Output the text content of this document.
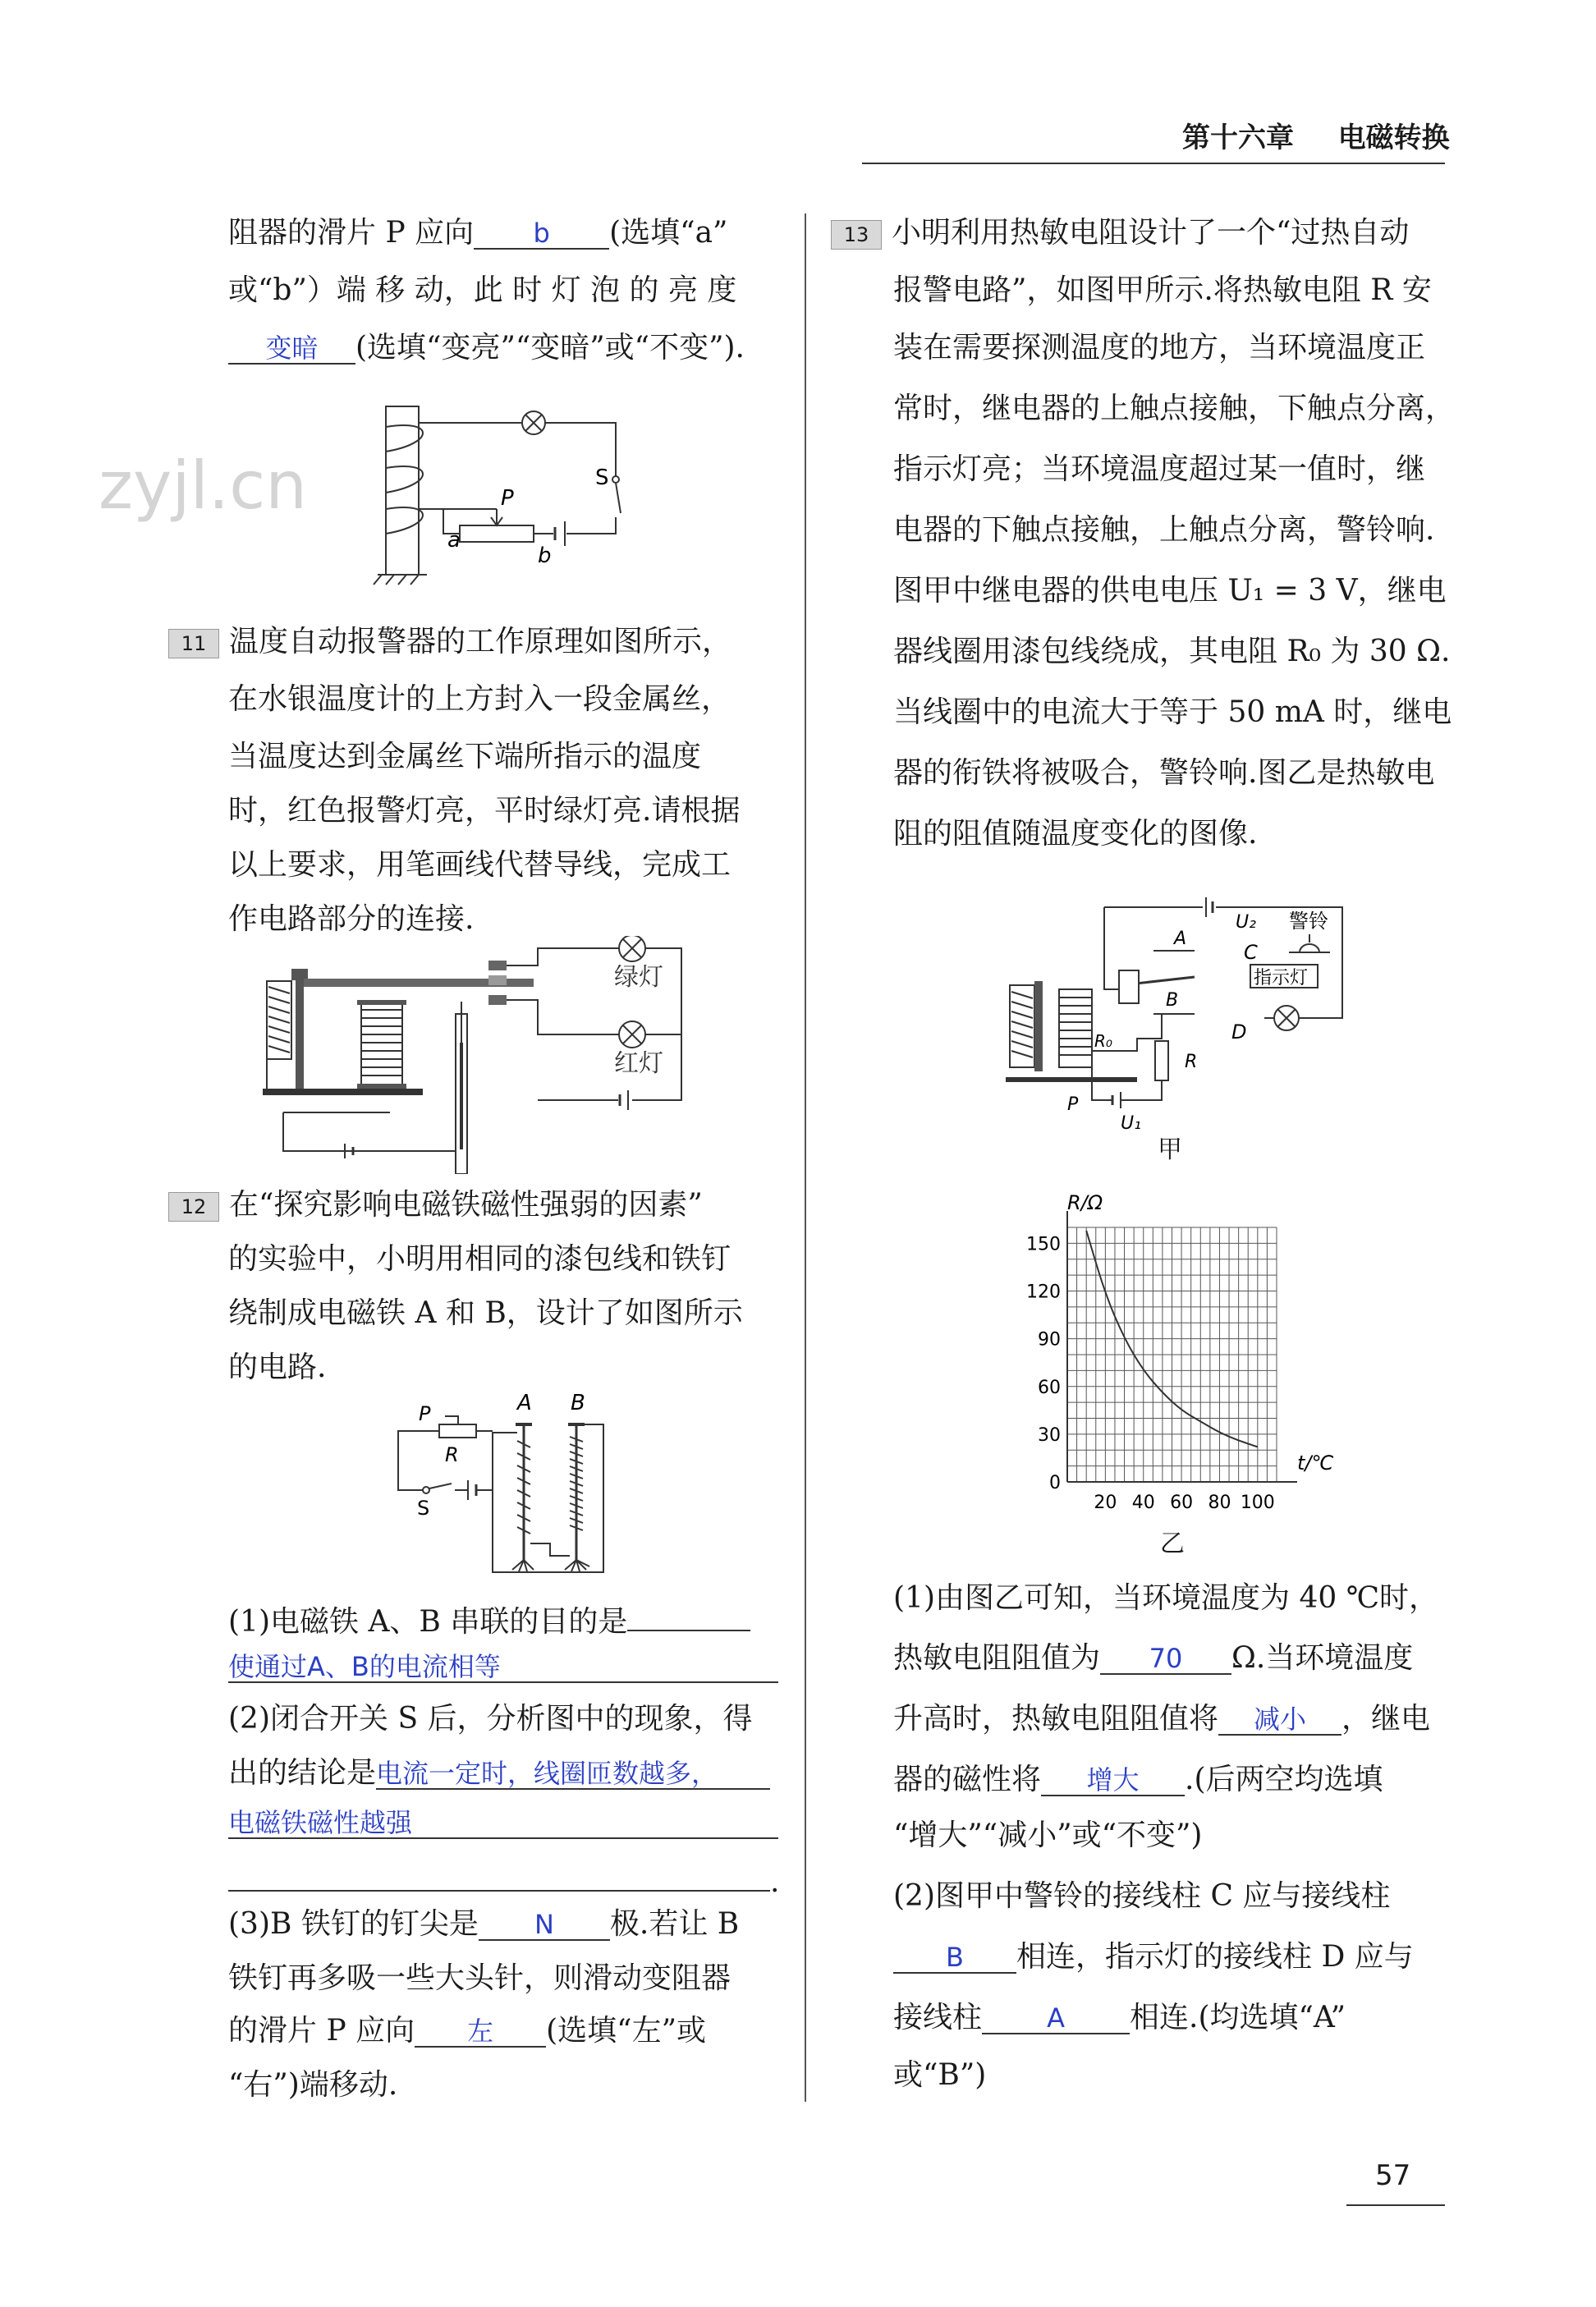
第十六章 电磁转换
zyjl.cn
阻器的滑片 P 应向 b (选填“a”
或“b”）端 移 动，此 时 灯 泡 的 亮 度
变暗 (选填“变亮”“变暗”或“不变”).
S
P
a
b
11 温度自动报警器的工作原理如图所示，
在水银温度计的上方封入一段金属丝，
当温度达到金属丝下端所指示的温度
时，红色报警灯亮，平时绿灯亮.请根据
以上要求，用笔画线代替导线，完成工
作电路部分的连接.
绿灯
红灯
12 在“探究影响电磁铁磁性强弱的因素”
的实验中，小明用相同的漆包线和铁钉
绕制成电磁铁 A 和 B，设计了如图所示
的电路.
A B
P
R
S
(1)电磁铁 A、B 串联的目的是
使通过A、B的电流相等
(2)闭合开关 S 后，分析图中的现象，得
出的结论是电流一定时，线圈匝数越多，
电磁铁磁性越强
.
(3)B 铁钉的钉尖是 N 极.若让 B
铁钉再多吸一些大头针，则滑动变阻器
的滑片 P 应向 左 (选填“左”或
“右”)端移动.
13 小明利用热敏电阻设计了一个“过热自动
报警电路”，如图甲所示.将热敏电阻 R 安
装在需要探测温度的地方，当环境温度正
常时，继电器的上触点接触，下触点分离，
指示灯亮；当环境温度超过某一值时，继
电器的下触点接触，上触点分离，警铃响.
图甲中继电器的供电电压 U₁ = 3 V，继电
器线圈用漆包线绕成，其电阻 R₀ 为 30 Ω.
当线圈中的电流大于等于 50 mA 时，继电
器的衔铁将被吸合，警铃响.图乙是热敏电
阻的阻值随温度变化的图像.
U₂ 警铃
C
指示灯
D
A
B
R₀
P
R
U₁
甲
20 40 60 80 100
0
30
60
90
120
150
R/Ω
t/℃
乙
(1)由图乙可知，当环境温度为 40 ℃时，
热敏电阻阻值为 70 Ω.当环境温度
升高时，热敏电阻阻值将 减小 ，继电
器的磁性将 增大 .(后两空均选填
“增大”“减小”或“不变”)
(2)图甲中警铃的接线柱 C 应与接线柱
B 相连，指示灯的接线柱 D 应与
接线柱 A 相连.(均选填“A”
或“B”)
57
